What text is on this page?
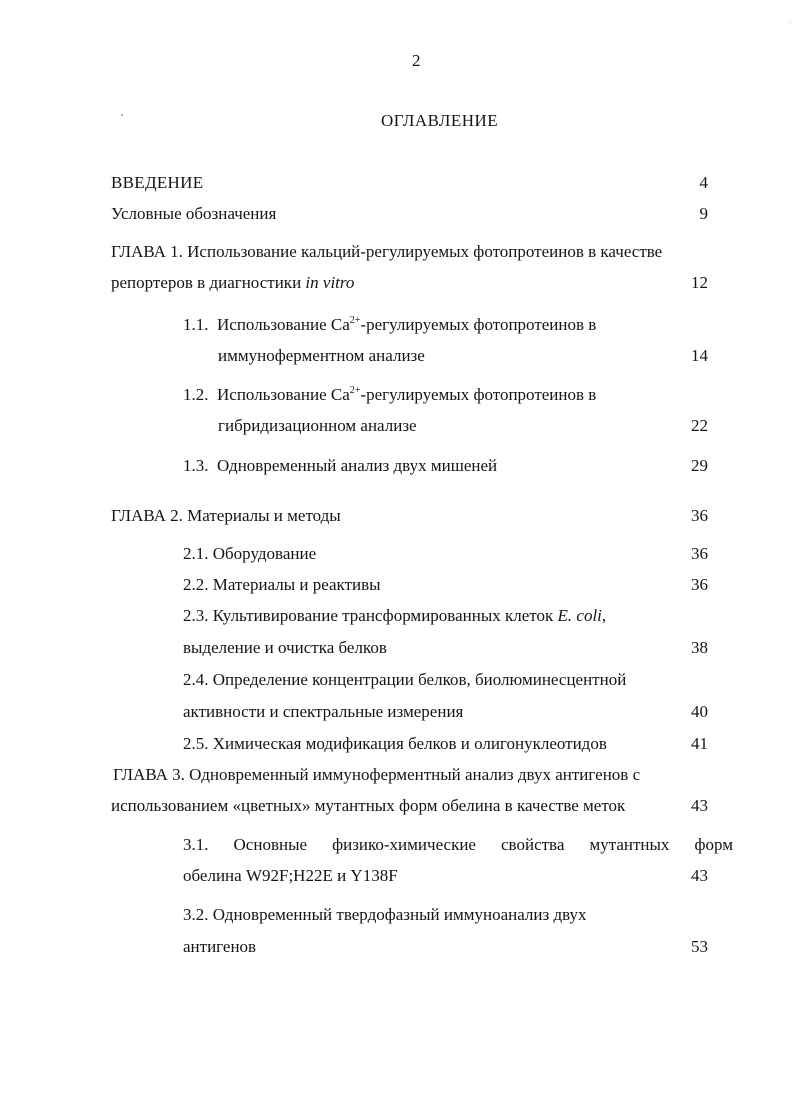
2
ОГЛАВЛЕНИЕ
ВВЕДЕНИЕ	4
Условные обозначения	9
ГЛАВА 1. Использование кальций-регулируемых фотопротеинов в качестве
репортеров в диагностики in vitro	12
1.1. Использование $Ca^{2+}$-регулируемых фотопротеинов в
иммуноферментном анализе	14
1.2. Использование $Ca^{2+}$-регулируемых фотопротеинов в
гибридизационном анализе	22
1.3. Одновременный анализ двух мишеней	29
ГЛАВА 2. Материалы и методы	36
2.1. Оборудование	36
2.2. Материалы и реактивы	36
2.3. Культивирование трансформированных клеток E. coli,
выделение и очистка белков	38
2.4. Определение концентрации белков, биолюминесцентной
активности и спектральные измерения	40
2.5. Химическая модификация белков и олигонуклеотидов	41
ГЛАВА 3. Одновременный иммуноферментный анализ двух антигенов с
использованием «цветных» мутантных форм обелина в качестве меток	43
3.1. Основные физико-химические свойства мутантных форм
обелина W92F;H22E и Y138F	43
3.2. Одновременный твердофазный иммуноанализ двух
антигенов	53
